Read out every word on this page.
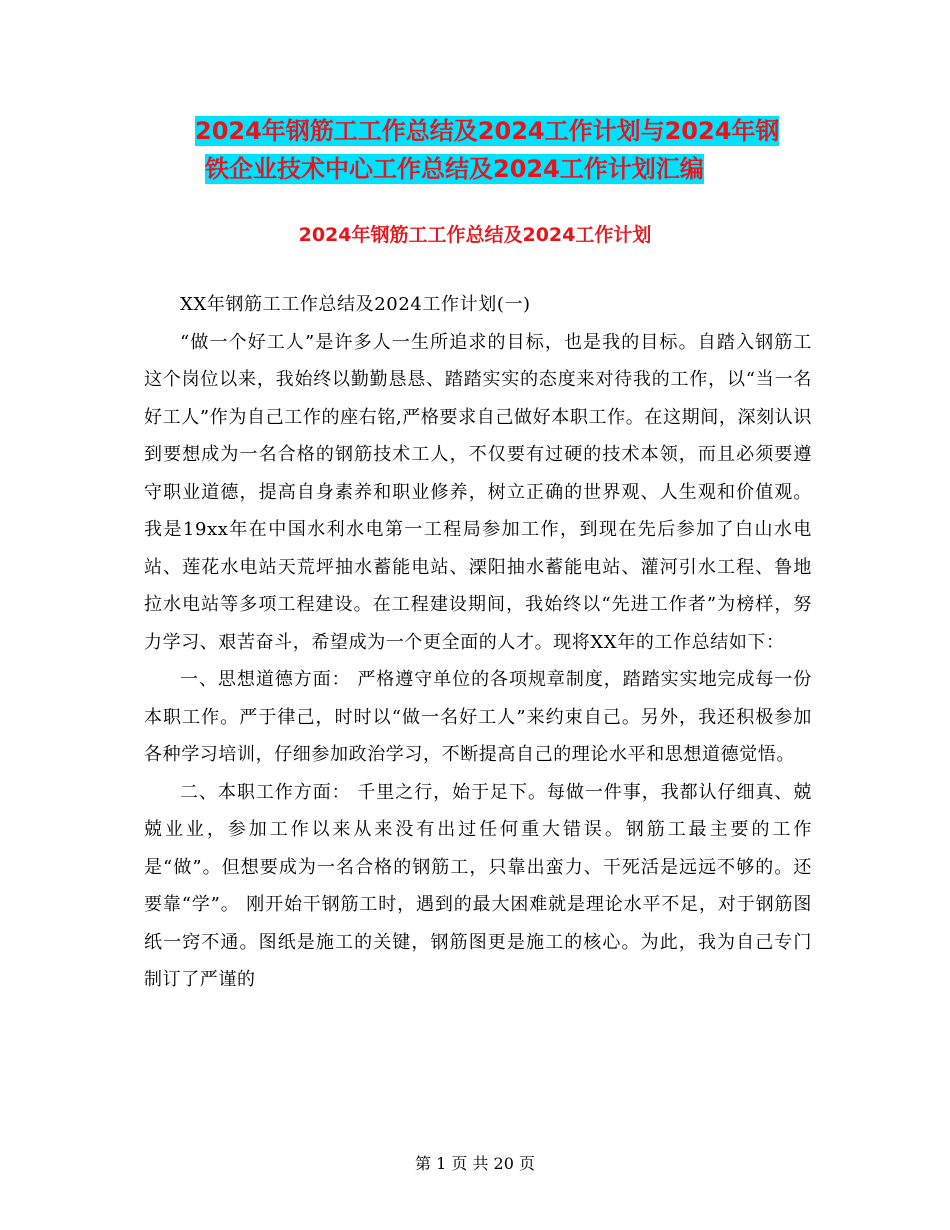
2024年钢筋工工作总结及2024工作计划与2024年钢
铁企业技术中心工作总结及2024工作计划汇编
2024年钢筋工工作总结及2024工作计划

XX年钢筋工工作总结及2024工作计划(一)

“做一个好工人”是许多人一生所追求的目标，也是我的目标。自踏入钢筋工这个岗位以来，我始终以勤勤恳恳、踏踏实实的态度来对待我的工作，以“当一名好工人”作为自己工作的座右铭,严格要求自己做好本职工作。在这期间，深刻认识到要想成为一名合格的钢筋技术工人，不仅要有过硬的技术本领，而且必须要遵守职业道德，提高自身素养和职业修养，树立正确的世界观、人生观和价值观。 我是19xx年在中国水利水电第一工程局参加工作，到现在先后参加了白山水电站、莲花水电站天荒坪抽水蓄能电站、溧阳抽水蓄能电站、灌河引水工程、鲁地拉水电站等多项工程建设。在工程建设期间，我始终以“先进工作者”为榜样，努力学习、艰苦奋斗，希望成为一个更全面的人才。现将XX年的工作总结如下：

一、思想道德方面： 严格遵守单位的各项规章制度，踏踏实实地完成每一份本职工作。严于律己，时时以“做一名好工人”来约束自己。另外，我还积极参加各种学习培训，仔细参加政治学习，不断提高自己的理论水平和思想道德觉悟。

二、本职工作方面： 千里之行，始于足下。每做一件事，我都认仔细真、兢兢业业，参加工作以来从来没有出过任何重大错误。钢筋工最主要的工作是“做”。但想要成为一名合格的钢筋工，只靠出蛮力、干死活是远远不够的。还要靠“学”。 刚开始干钢筋工时，遇到的最大困难就是理论水平不足，对于钢筋图纸一窍不通。图纸是施工的关键，钢筋图更是施工的核心。为此，我为自己专门制订了严谨的

第 1 页 共 20 页
